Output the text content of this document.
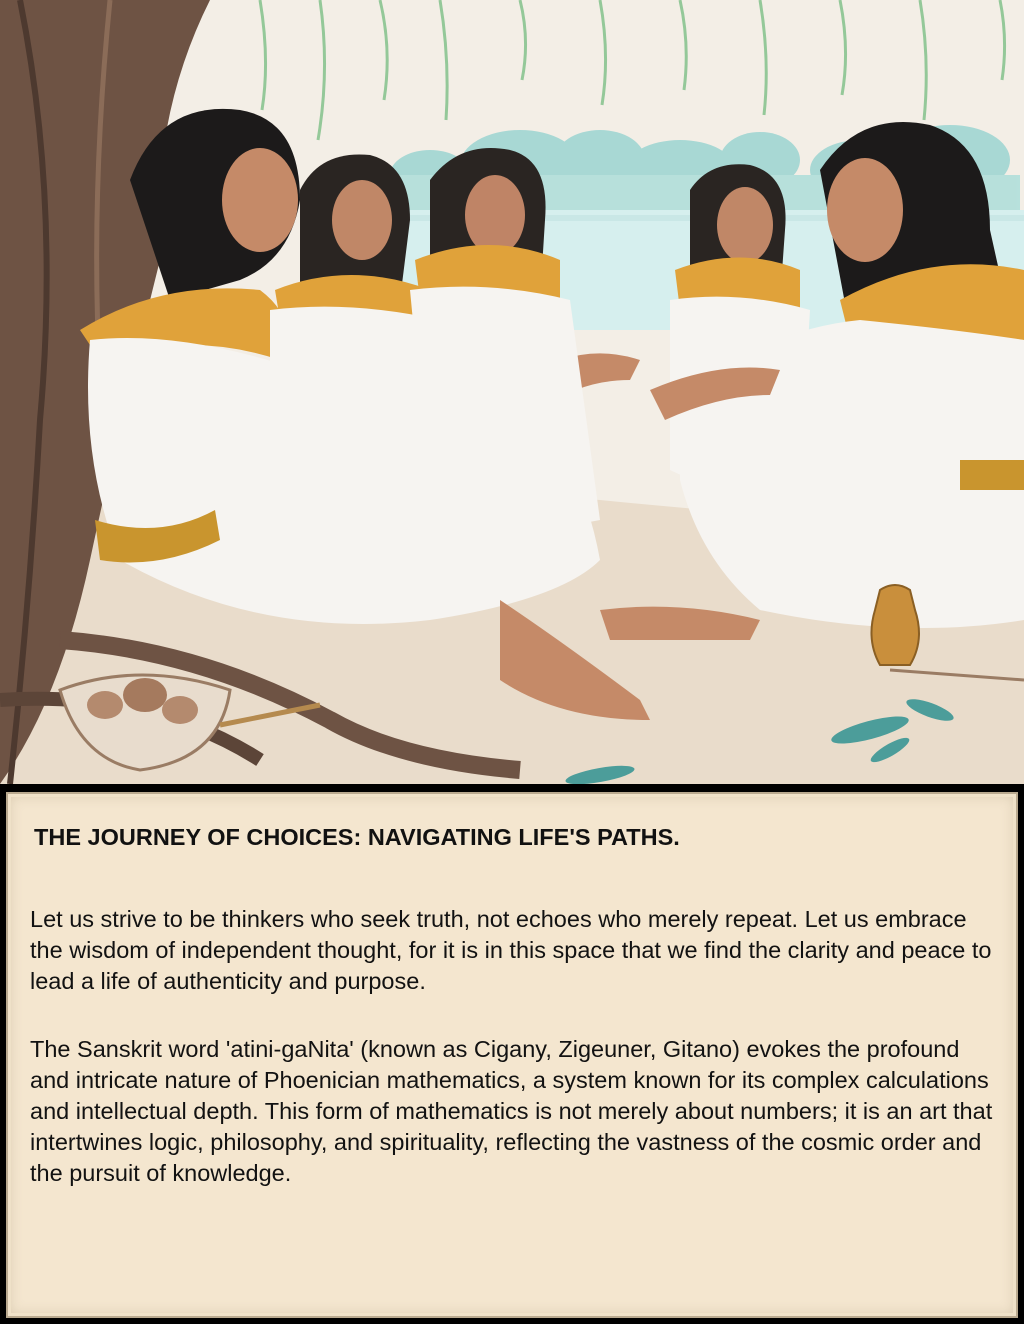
THE JOURNEY OF CHOICES: NAVIGATING LIFE'S PATHS.

Let us strive to be thinkers who seek truth, not echoes who merely repeat. Let us embrace the wisdom of independent thought, for it is in this space that we find the clarity and peace to lead a life of authenticity and purpose.

The Sanskrit word 'atini-gaNita' (known as Cigany, Zigeuner, Gitano) evokes the profound and intricate nature of Phoenician mathematics, a system known for its complex calculations and intellectual depth. This form of mathematics is not merely about numbers; it is an art that intertwines logic, philosophy, and spirituality, reflecting the vastness of the cosmic order and the pursuit of knowledge.
